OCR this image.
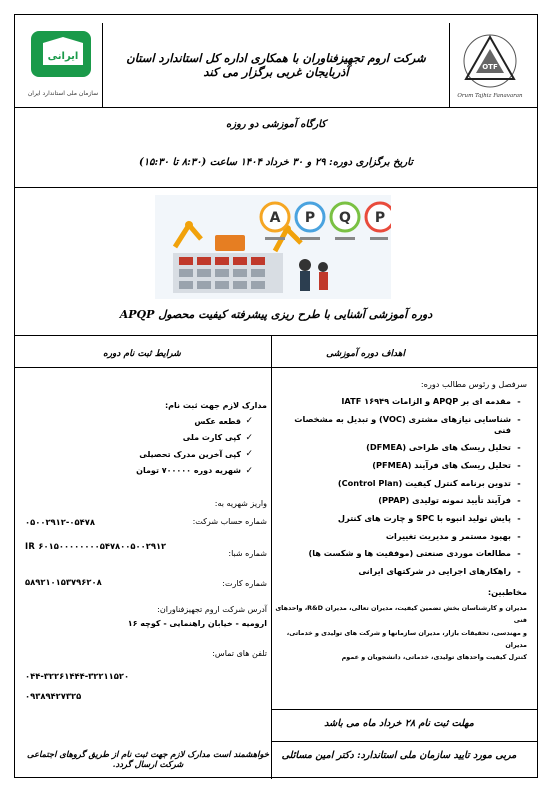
ایرانی
سازمان ملی استاندارد ایران
شرکت اروم تجهیزفناوران با همکاری اداره کل استاندارد استان آذربایجان غربی برگزار می کند	OTF
Orum Tajhiz Fanavaran
کارگاه آموزشی دو روزه
تاریخ برگزاری دوره: ۲۹ و ۳۰ خرداد ۱۴۰۴ ساعت (۸:۳۰ تا ۱۵:۳۰)
A P Q P
دوره آموزشی آشنایی با طرح ریزی پیشرفته کیفیت محصول APQP
اهداف دوره آموزشی
شرایط ثبت نام دوره
سرفصل و رئوس مطالب دوره:
-
مقدمه ای بر APQP و الزامات IATF ۱۶۹۴۹
-
شناسایی نیازهای مشتری (VOC) و تبدیل به مشخصات فنی
-
تحلیل ریسک های طراحی (DFMEA)
-
تحلیل ریسک های فرآیند (PFMEA)
-
تدوین برنامه کنترل کیفیت (Control Plan)
-
فرآیند تأیید نمونه تولیدی (PPAP)
-
پایش تولید انبوه با SPC و چارت های کنترل
-
بهبود مستمر و مدیریت تغییرات
-
مطالعات موردی صنعتی (موفقیت ها و شکست ها)
-
راهکارهای اجرایی در شرکتهای ایرانی
مخاطبین:
مدیران و کارشناسان بخش تضمین کیفیت، مدیران تعالی، مدیران R&D، واحدهای فنی
و مهندسی، تحقیقات بازار، مدیران سازمانها و شرکت های تولیدی و خدماتی، مدیران
کنترل کیفیت واحدهای تولیدی، خدماتی، دانشجویان و عموم
مدارک لازم جهت ثبت نام:
✓
قطعه عکس
✓
کپی کارت ملی
✓
کپی آخرین مدرک تحصیلی
✓
شهریه دوره ۷۰۰۰۰۰ تومان
واریز شهریه به:
شماره حساب شرکت:
۰۵۰۰۲۹۱۲-۰۵۴۷۸
شماره شبا:
IR ۶۰۱۵۰۰۰۰۰۰۰۰۵۴۷۸۰۰۵۰۰۲۹۱۲
شماره کارت:
۵۸۹۲۱۰۱۵۳۷۹۶۲۰۸
آدرس شرکت اروم تجهیزفناوران:
ارومیه - خیابان راهنمایی - کوچه ۱۶
تلفن های تماس:
۰۴۴-۳۲۲۶۱۴۴۴-۳۲۲۱۱۵۲۰
۰۹۳۸۹۴۲۷۳۲۵
مهلت ثبت نام ۲۸ خرداد ماه می باشد
مربی مورد تایید سازمان ملی استاندارد: دکتر امین مسائلی
خواهشمند است مدارک لازم جهت ثبت نام از طریق گروهای اجتماعی شرکت ارسال گردد.
